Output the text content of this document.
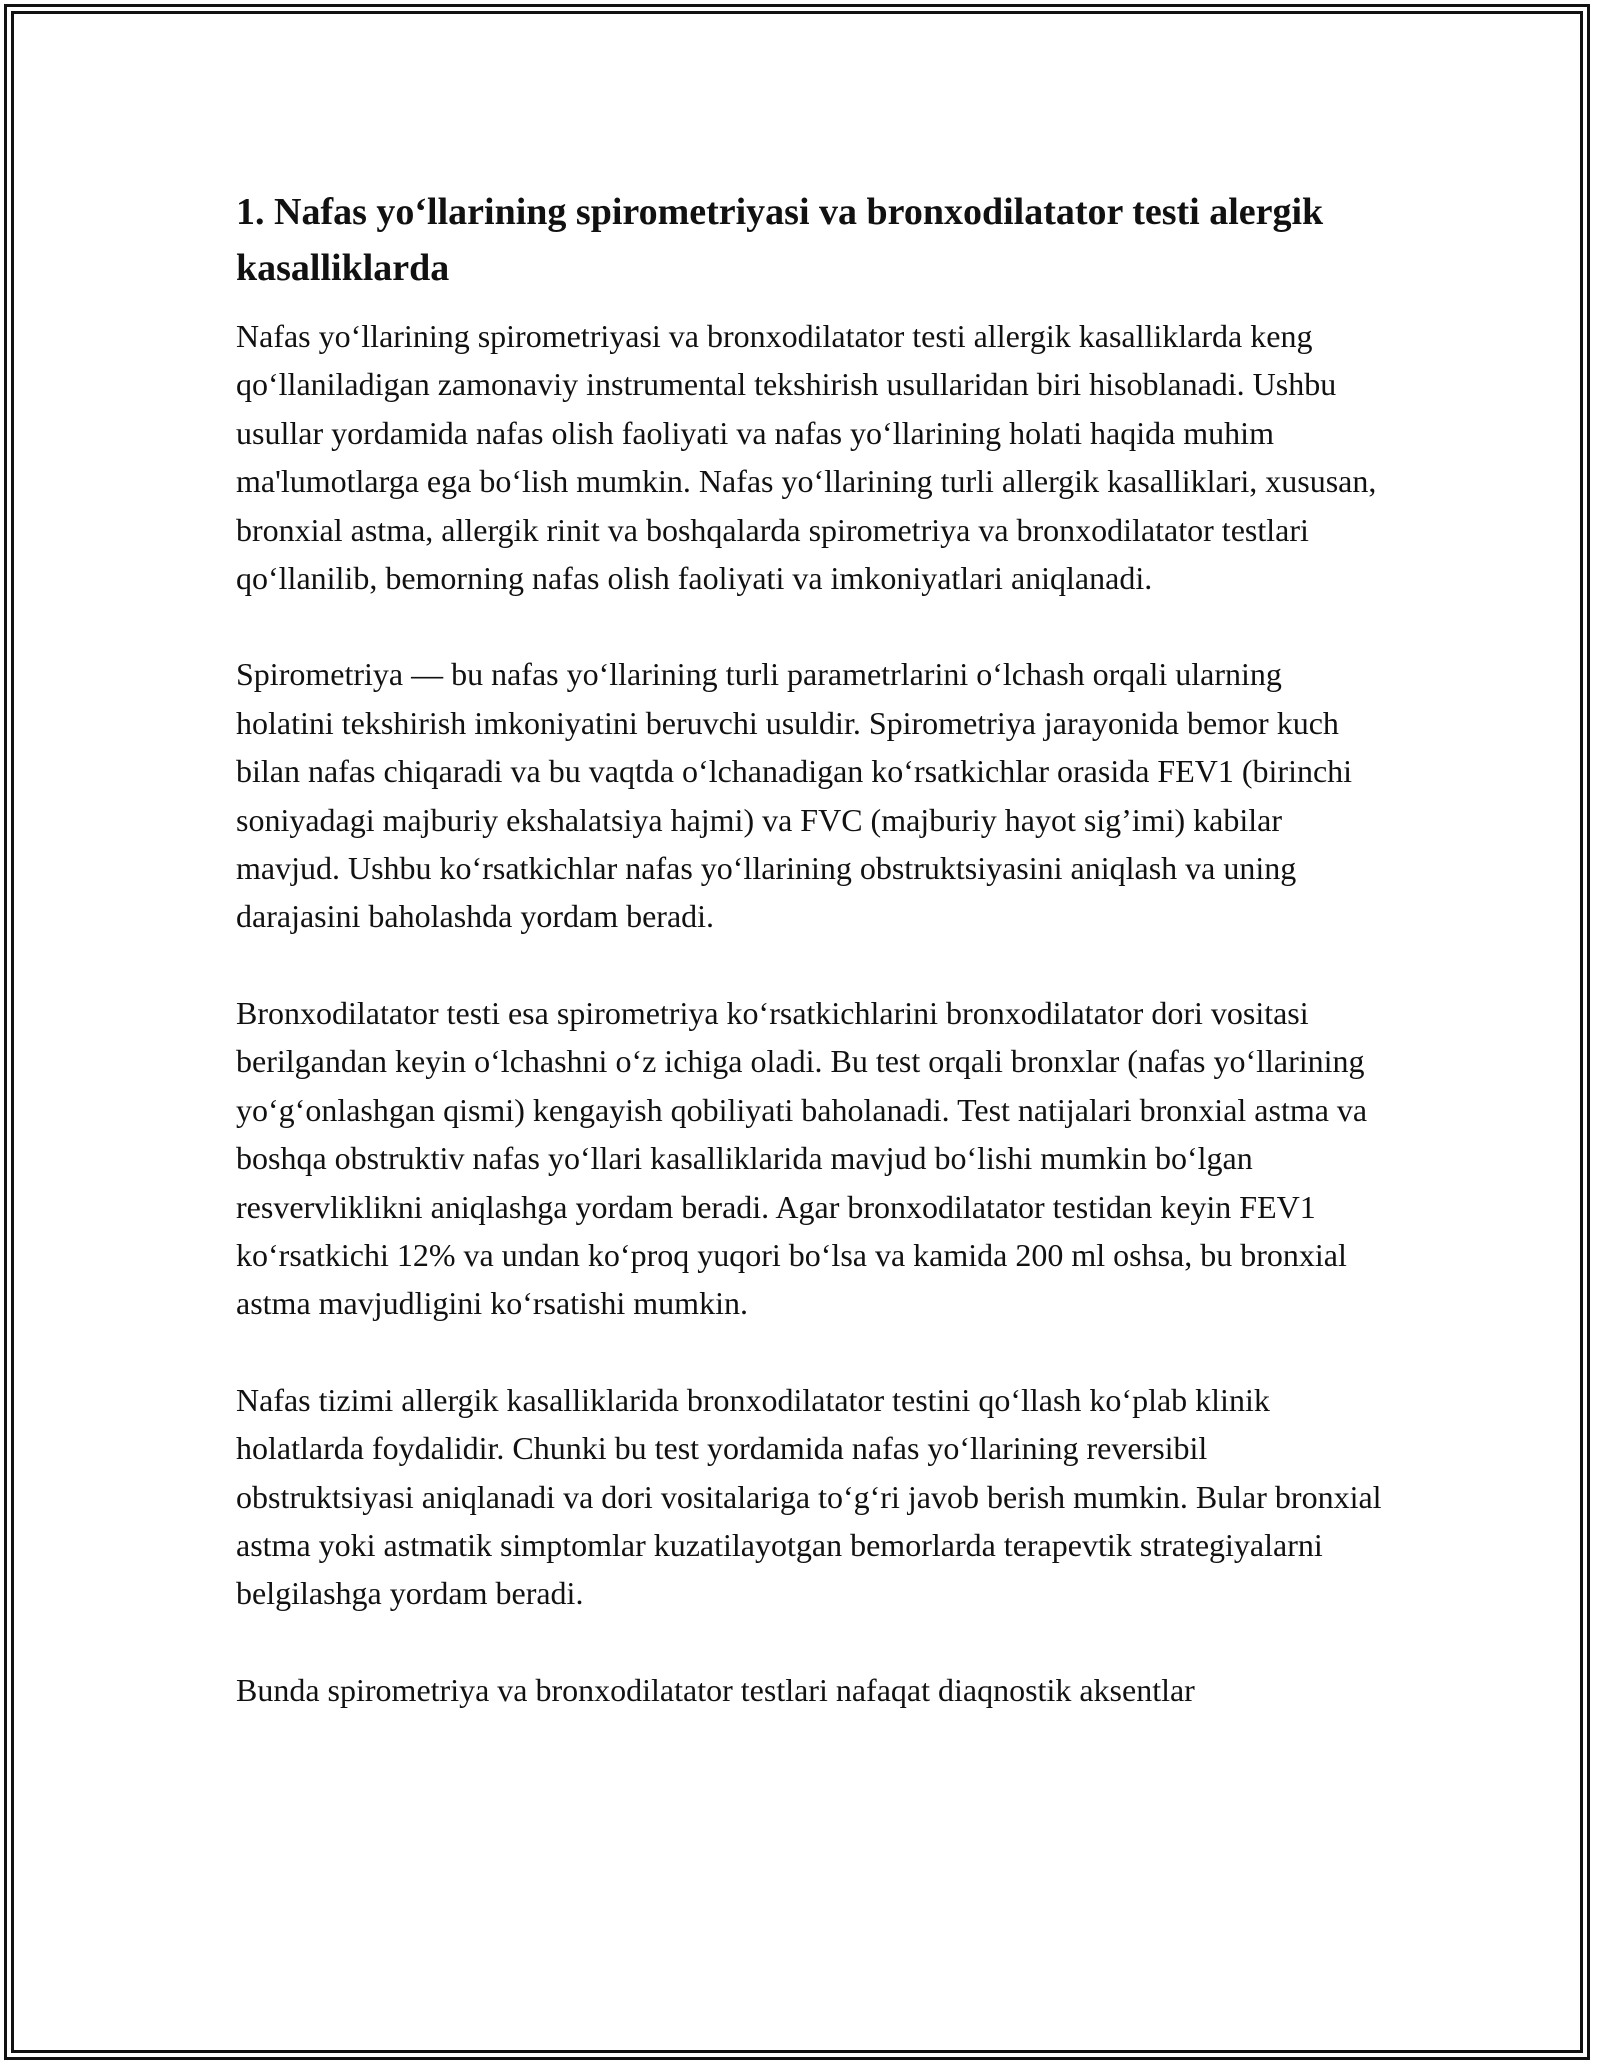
1. Nafas yo‘llarining spirometriyasi va bronxodilatator testi alergik kasalliklarda

Nafas yo‘llarining spirometriyasi va bronxodilatator testi allergik kasalliklarda keng qo‘llaniladigan zamonaviy instrumental tekshirish usullaridan biri hisoblanadi. Ushbu usullar yordamida nafas olish faoliyati va nafas yo‘llarining holati haqida muhim ma'lumotlarga ega bo‘lish mumkin. Nafas yo‘llarining turli allergik kasalliklari, xususan, bronxial astma, allergik rinit va boshqalarda spirometriya va bronxodilatator testlari qo‘llanilib, bemorning nafas olish faoliyati va imkoniyatlari aniqlanadi.

Spirometriya — bu nafas yo‘llarining turli parametrlarini o‘lchash orqali ularning holatini tekshirish imkoniyatini beruvchi usuldir. Spirometriya jarayonida bemor kuch bilan nafas chiqaradi va bu vaqtda o‘lchanadigan ko‘rsatkichlar orasida FEV1 (birinchi soniyadagi majburiy ekshalatsiya hajmi) va FVC (majburiy hayot sig’imi) kabilar mavjud. Ushbu ko‘rsatkichlar nafas yo‘llarining obstruktsiyasini aniqlash va uning darajasini baholashda yordam beradi.

Bronxodilatator testi esa spirometriya ko‘rsatkichlarini bronxodilatator dori vositasi berilgandan keyin o‘lchashni o‘z ichiga oladi. Bu test orqali bronxlar (nafas yo‘llarining yo‘g‘onlashgan qismi) kengayish qobiliyati baholanadi. Test natijalari bronxial astma va boshqa obstruktiv nafas yo‘llari kasalliklarida mavjud bo‘lishi mumkin bo‘lgan resvervliklikni aniqlashga yordam beradi. Agar bronxodilatator testidan keyin FEV1 ko‘rsatkichi 12% va undan ko‘proq yuqori bo‘lsa va kamida 200 ml oshsa, bu bronxial astma mavjudligini ko‘rsatishi mumkin.

Nafas tizimi allergik kasalliklarida bronxodilatator testini qo‘llash ko‘plab klinik holatlarda foydalidir. Chunki bu test yordamida nafas yo‘llarining reversibil obstruktsiyasi aniqlanadi va dori vositalariga to‘g‘ri javob berish mumkin. Bular bronxial astma yoki astmatik simptomlar kuzatilayotgan bemorlarda terapevtik strategiyalarni belgilashga yordam beradi.

Bunda spirometriya va bronxodilatator testlari nafaqat diaqnostik aksentlar
